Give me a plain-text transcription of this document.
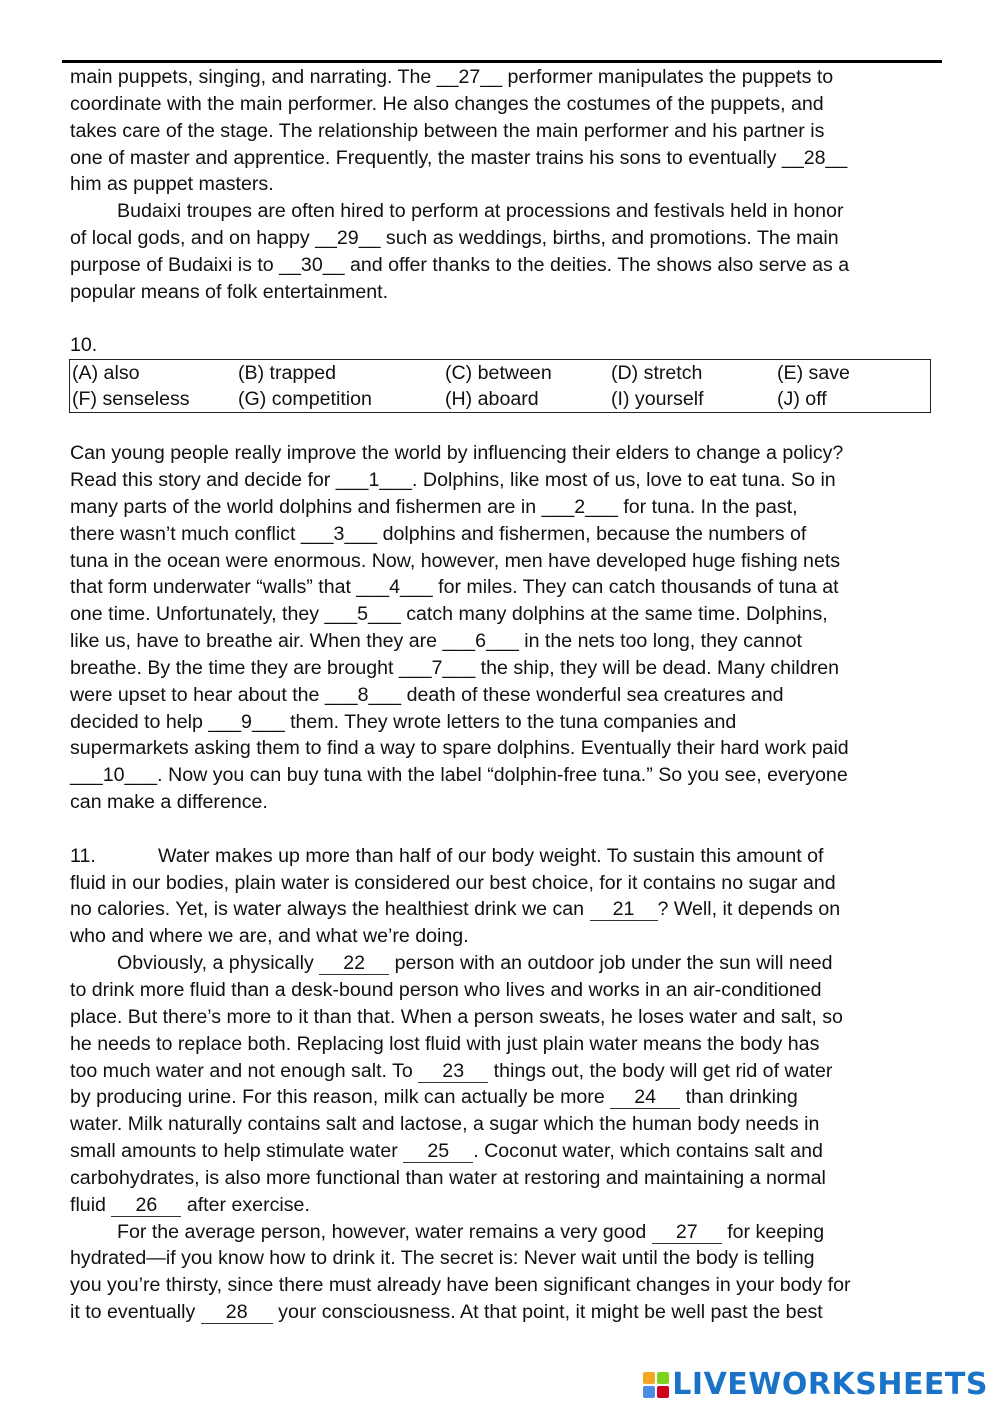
main puppets, singing, and narrating. The __27__ performer manipulates the puppets to

coordinate with the main performer. He also changes the costumes of the puppets, and

takes care of the stage. The relationship between the main performer and his partner is

one of master and apprentice. Frequently, the master trains his sons to eventually __28__

him as puppet masters.

Budaixi troupes are often hired to perform at processions and festivals held in honor

of local gods, and on happy __29__ such as weddings, births, and promotions. The main

purpose of Budaixi is to __30__ and offer thanks to the deities. The shows also serve as a

popular means of folk entertainment.

10.

(A) also	(B) trapped	(C) between	(D) stretch	(E) save
(F) senseless	(G) competition	(H) aboard	(I) yourself	(J) off

Can young people really improve the world by influencing their elders to change a policy?

Read this story and decide for ___1___. Dolphins, like most of us, love to eat tuna. So in

many parts of the world dolphins and fishermen are in ___2___ for tuna. In the past,

there wasn’t much conflict ___3___ dolphins and fishermen, because the numbers of

tuna in the ocean were enormous. Now, however, men have developed huge fishing nets

that form underwater “walls” that ___4___ for miles. They can catch thousands of tuna at

one time. Unfortunately, they ___5___ catch many dolphins at the same time. Dolphins,

like us, have to breathe air. When they are ___6___ in the nets too long, they cannot

breathe. By the time they are brought ___7___ the ship, they will be dead. Many children

were upset to hear about the ___8___ death of these wonderful sea creatures and

decided to help ___9___ them. They wrote letters to the tuna companies and

supermarkets asking them to find a way to spare dolphins. Eventually their hard work paid

___10___. Now you can buy tuna with the label “dolphin-free tuna.” So you see, everyone

can make a difference.

11.	Water makes up more than half of our body weight. To sustain this amount of

fluid in our bodies, plain water is considered our best choice, for it contains no sugar and

no calories. Yet, is water always the healthiest drink we can 21 ? Well, it depends on

who and where we are, and what we’re doing.

Obviously, a physically 22 person with an outdoor job under the sun will need

to drink more fluid than a desk-bound person who lives and works in an air-conditioned

place. But there’s more to it than that. When a person sweats, he loses water and salt, so

he needs to replace both. Replacing lost fluid with just plain water means the body has

too much water and not enough salt. To 23 things out, the body will get rid of water

by producing urine. For this reason, milk can actually be more 24 than drinking

water. Milk naturally contains salt and lactose, a sugar which the human body needs in

small amounts to help stimulate water 25 . Coconut water, which contains salt and

carbohydrates, is also more functional than water at restoring and maintaining a normal

fluid 26 after exercise.

For the average person, however, water remains a very good 27 for keeping

hydrated—if you know how to drink it. The secret is: Never wait until the body is telling

you you’re thirsty, since there must already have been significant changes in your body for

it to eventually 28 your consciousness. At that point, it might be well past the best

LIVEWORKSHEETS
